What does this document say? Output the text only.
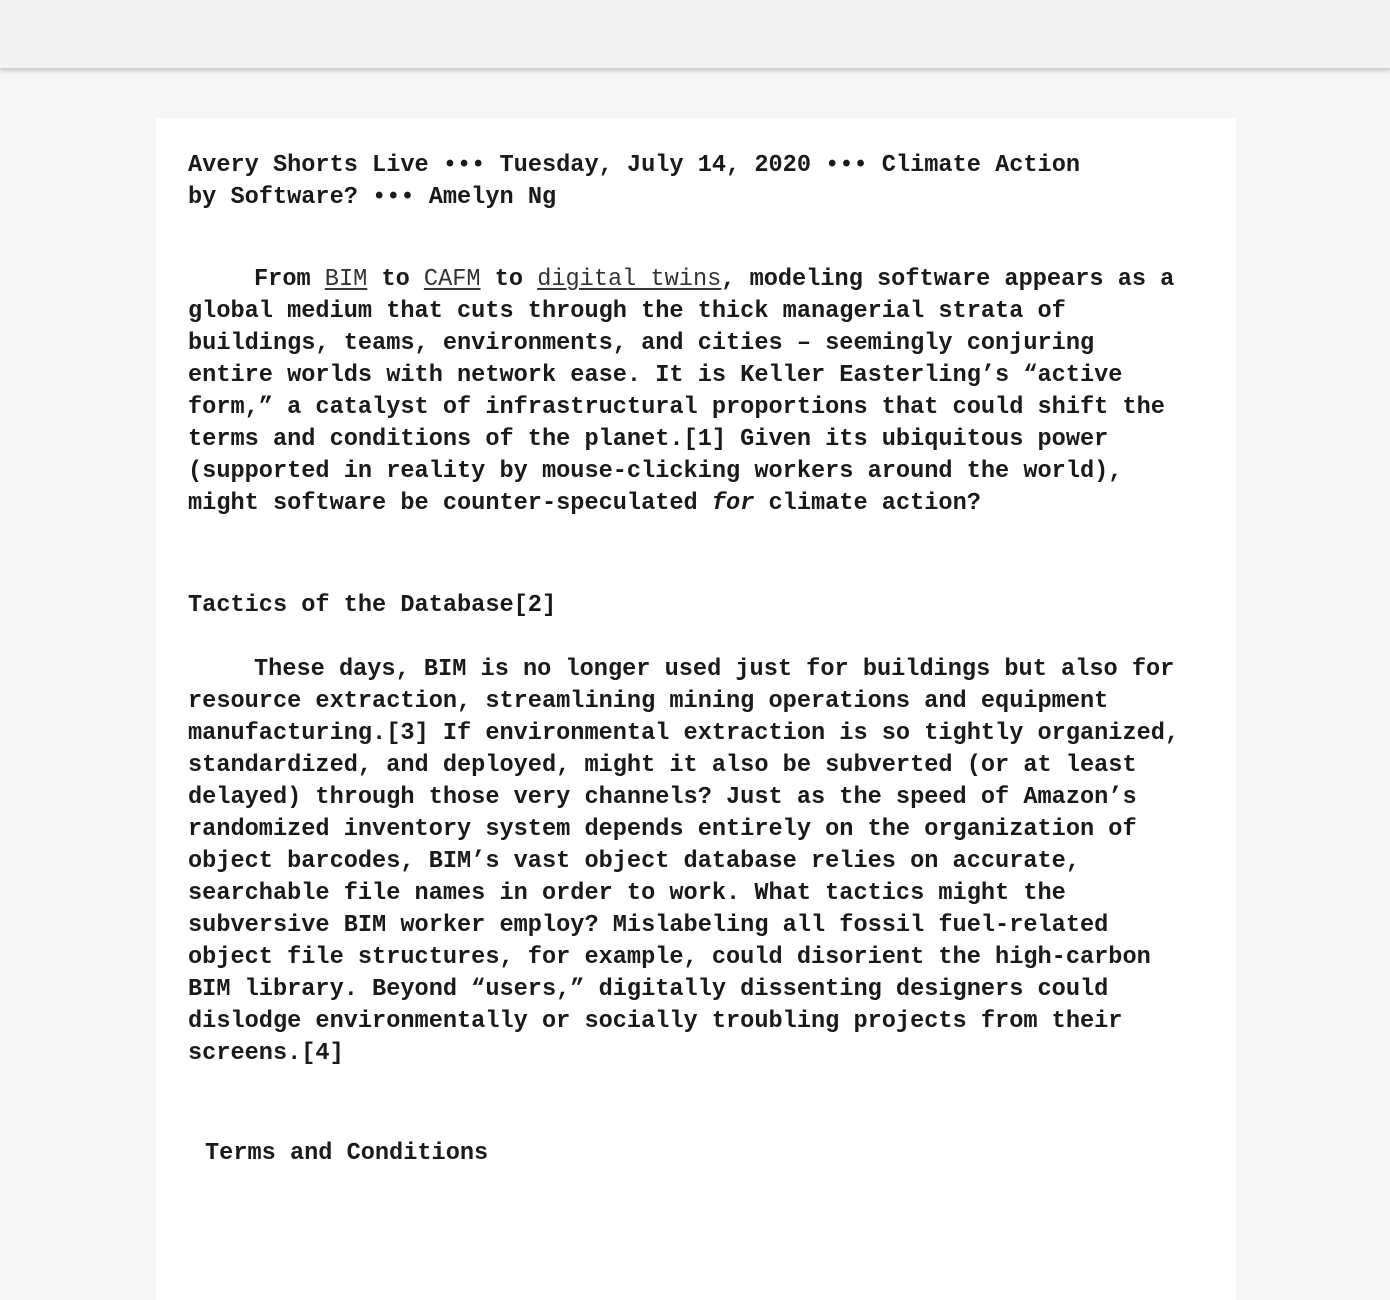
Avery Shorts Live ••• Tuesday, July 14, 2020 ••• Climate Action by Software? ••• Amelyn Ng

From BIM to CAFM to digital twins, modeling software appears as a global medium that cuts through the thick managerial strata of buildings, teams, environments, and cities – seemingly conjuring entire worlds with network ease. It is Keller Easterling’s “active form,” a catalyst of infrastructural proportions that could shift the terms and conditions of the planet.[1] Given its ubiquitous power (supported in reality by mouse-clicking workers around the world), might software be counter-speculated for climate action?

Tactics of the Database[2]

These days, BIM is no longer used just for buildings but also for resource extraction, streamlining mining operations and equipment manufacturing.[3] If environmental extraction is so tightly organized, standardized, and deployed, might it also be subverted (or at least delayed) through those very channels? Just as the speed of Amazon’s randomized inventory system depends entirely on the organization of object barcodes, BIM’s vast object database relies on accurate, searchable file names in order to work. What tactics might the subversive BIM worker employ? Mislabeling all fossil fuel-related object file structures, for example, could disorient the high-carbon BIM library. Beyond “users,” digitally dissenting designers could dislodge environmentally or socially troubling projects from their screens.[4]

Terms and Conditions
